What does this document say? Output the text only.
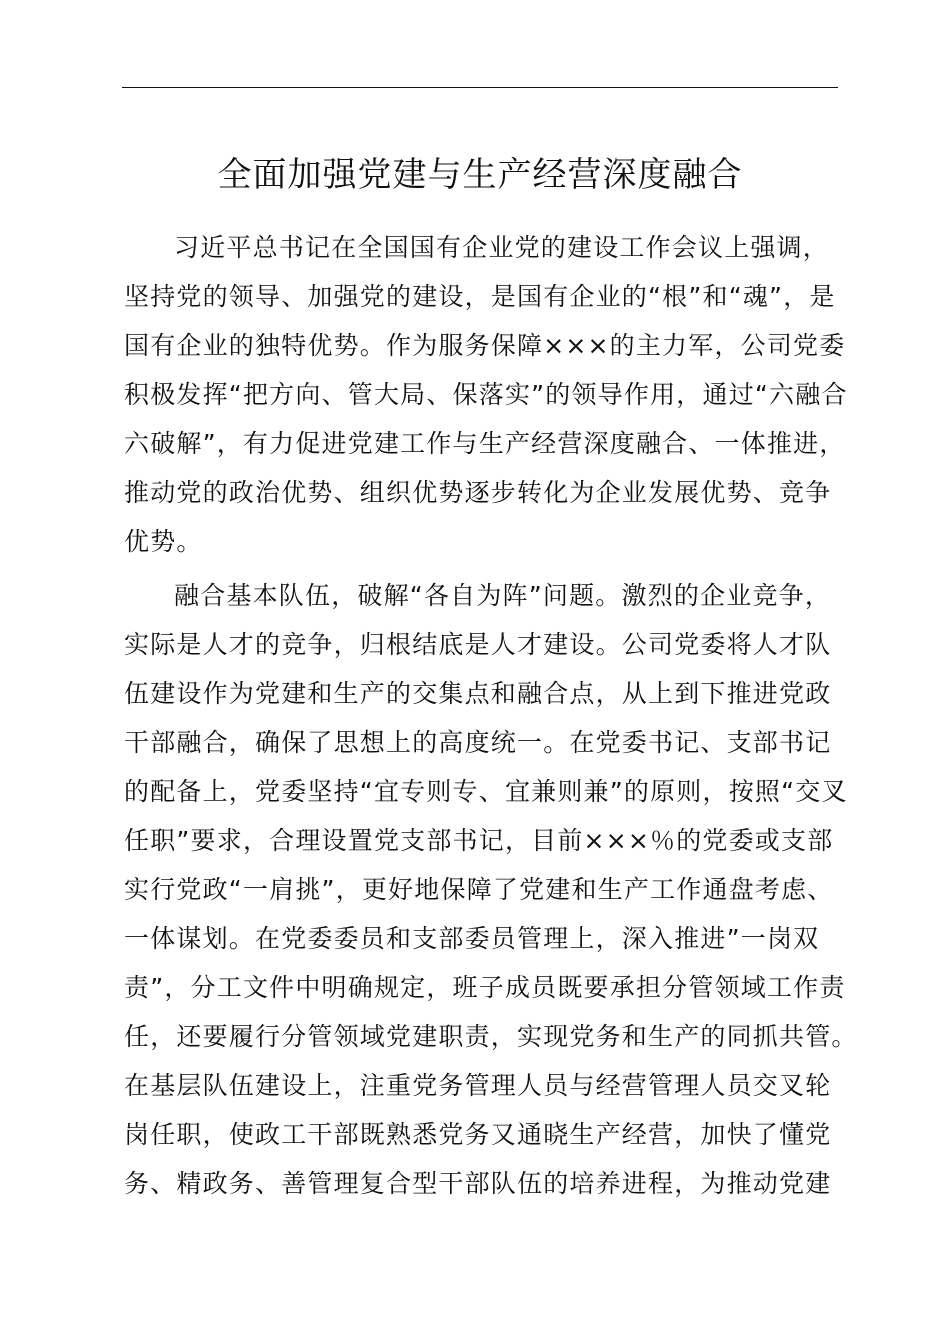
全面加强党建与生产经营深度融合
习近平总书记在全国国有企业党的建设工作会议上强调，
坚持党的领导、加强党的建设，是国有企业的“根”和“魂”，是
国有企业的独特优势。作为服务保障×××的主力军，公司党委
积极发挥“把方向、管大局、保落实”的领导作用，通过“六融合
六破解”，有力促进党建工作与生产经营深度融合、一体推进，
推动党的政治优势、组织优势逐步转化为企业发展优势、竞争
优势。
融合基本队伍，破解“各自为阵”问题。激烈的企业竞争，
实际是人才的竞争，归根结底是人才建设。公司党委将人才队
伍建设作为党建和生产的交集点和融合点，从上到下推进党政
干部融合，确保了思想上的高度统一。在党委书记、支部书记
的配备上，党委坚持“宜专则专、宜兼则兼”的原则，按照“交叉
任职”要求，合理设置党支部书记，目前×××％的党委或支部
实行党政“一肩挑”，更好地保障了党建和生产工作通盘考虑、
一体谋划。在党委委员和支部委员管理上，深入推进”一岗双
责”，分工文件中明确规定，班子成员既要承担分管领域工作责
任，还要履行分管领域党建职责，实现党务和生产的同抓共管。
在基层队伍建设上，注重党务管理人员与经营管理人员交叉轮
岗任职，使政工干部既熟悉党务又通晓生产经营，加快了懂党
务、精政务、善管理复合型干部队伍的培养进程，为推动党建
